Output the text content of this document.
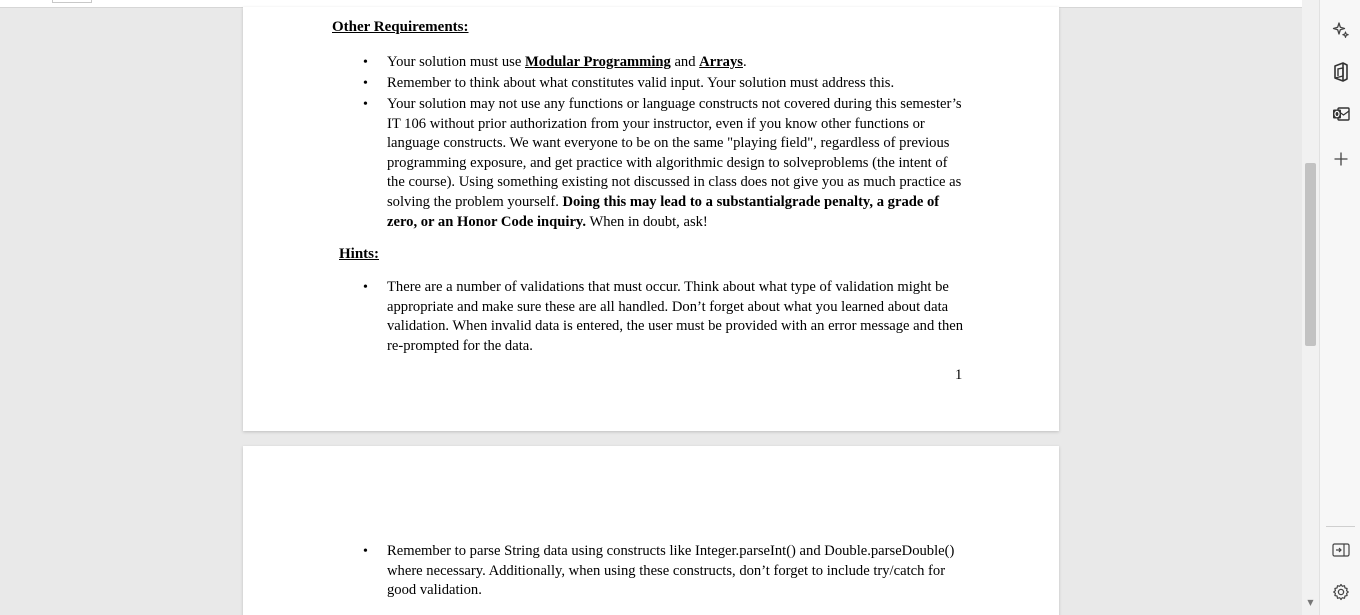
Other Requirements:
• Your solution must use Modular Programming and Arrays.
• Remember to think about what constitutes valid input. Your solution must address this.
• Your solution may not use any functions or language constructs not covered during this semester’s IT 106 without prior authorization from your instructor, even if you know other functions or language constructs. We want everyone to be on the same "playing field", regardless of previous programming exposure, and get practice with algorithmic design to solveproblems (the intent of the course). Using something existing not discussed in class does not give you as much practice as solving the problem yourself. Doing this may lead to a substantialgrade penalty, a grade of zero, or an Honor Code inquiry. When in doubt, ask!
Hints:
• There are a number of validations that must occur. Think about what type of validation might be appropriate and make sure these are all handled. Don’t forget about what you learned about data validation. When invalid data is entered, the user must be provided with an error message and then re-prompted for the data.
1
• Remember to parse String data using constructs like Integer.parseInt() and Double.parseDouble() where necessary. Additionally, when using these constructs, don’t forget to include try/catch for good validation.
▼
